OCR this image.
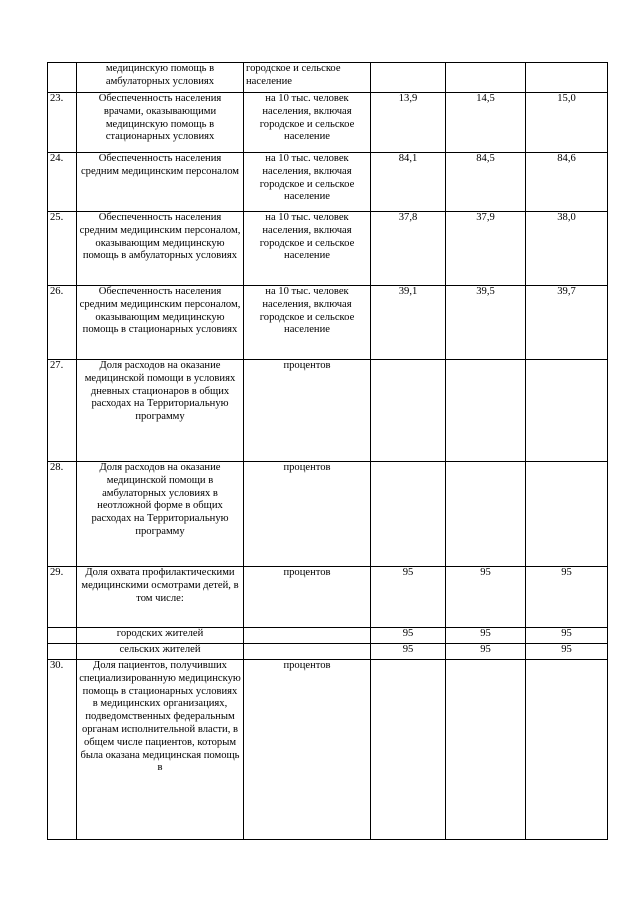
	медицинскую помощь в амбулаторных условиях	городское и сельское население			
23.	Обеспеченность населения врачами, оказывающими медицинскую помощь в стационарных условиях	на 10 тыс. человек населения, включая городское и сельское население	13,9	14,5	15,0
24.	Обеспеченность населения средним медицинским персоналом	на 10 тыс. человек населения, включая городское и сельское население	84,1	84,5	84,6
25.	Обеспеченность населения средним медицинским персоналом, оказывающим медицинскую помощь в амбулаторных условиях	на 10 тыс. человек населения, включая городское и сельское население	37,8	37,9	38,0
26.	Обеспеченность населения средним медицинским персоналом, оказывающим медицинскую помощь в стационарных условиях	на 10 тыс. человек населения, включая городское и сельское население	39,1	39,5	39,7
27.	Доля расходов на оказание медицинской помощи в условиях дневных стационаров в общих расходах на Территориальную программу	процентов			
28.	Доля расходов на оказание медицинской помощи в амбулаторных условиях в неотложной форме в общих расходах на Территориальную программу	процентов			
29.	Доля охвата профилактическими медицинскими осмотрами детей, в том числе:	процентов	95	95	95
	городских жителей		95	95	95
	сельских жителей		95	95	95
30.	Доля пациентов, получивших специализированную медицинскую помощь в стационарных условиях в медицинских организациях, подведомственных федеральным органам исполнительной власти, в общем числе пациентов, которым была оказана медицинская помощь в	процентов			
